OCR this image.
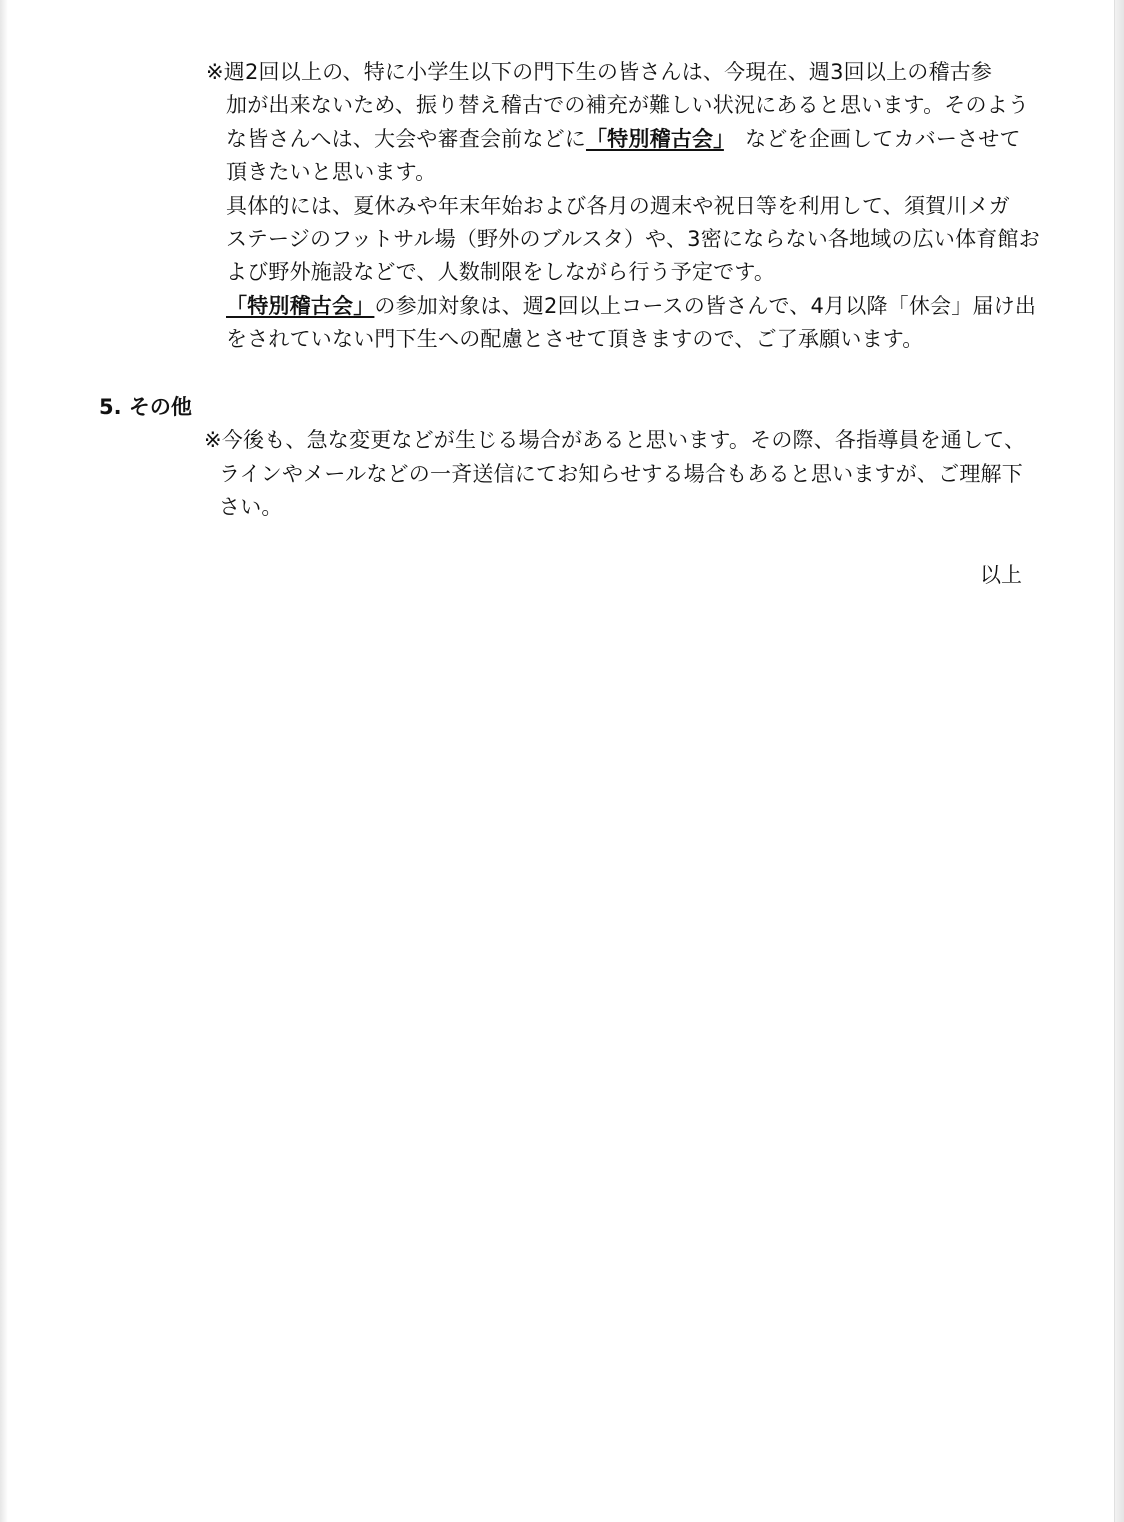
※週2回以上の、特に小学生以下の門下生の皆さんは、今現在、週3回以上の稽古参
加が出来ないため、振り替え稽古での補充が難しい状況にあると思います。そのよう
な皆さんへは、大会や審査会前などに「特別稽古会」　などを企画してカバーさせて
頂きたいと思います。
具体的には、夏休みや年末年始および各月の週末や祝日等を利用して、須賀川メガ
ステージのフットサル場（野外のブルスタ）や、3密にならない各地域の広い体育館お
よび野外施設などで、人数制限をしながら行う予定です。
「特別稽古会」の参加対象は、週2回以上コースの皆さんで、4月以降「休会」届け出
をされていない門下生への配慮とさせて頂きますので、ご了承願います。
5. その他
※今後も、急な変更などが生じる場合があると思います。その際、各指導員を通して、
ラインやメールなどの一斉送信にてお知らせする場合もあると思いますが、ご理解下
さい。
以上
